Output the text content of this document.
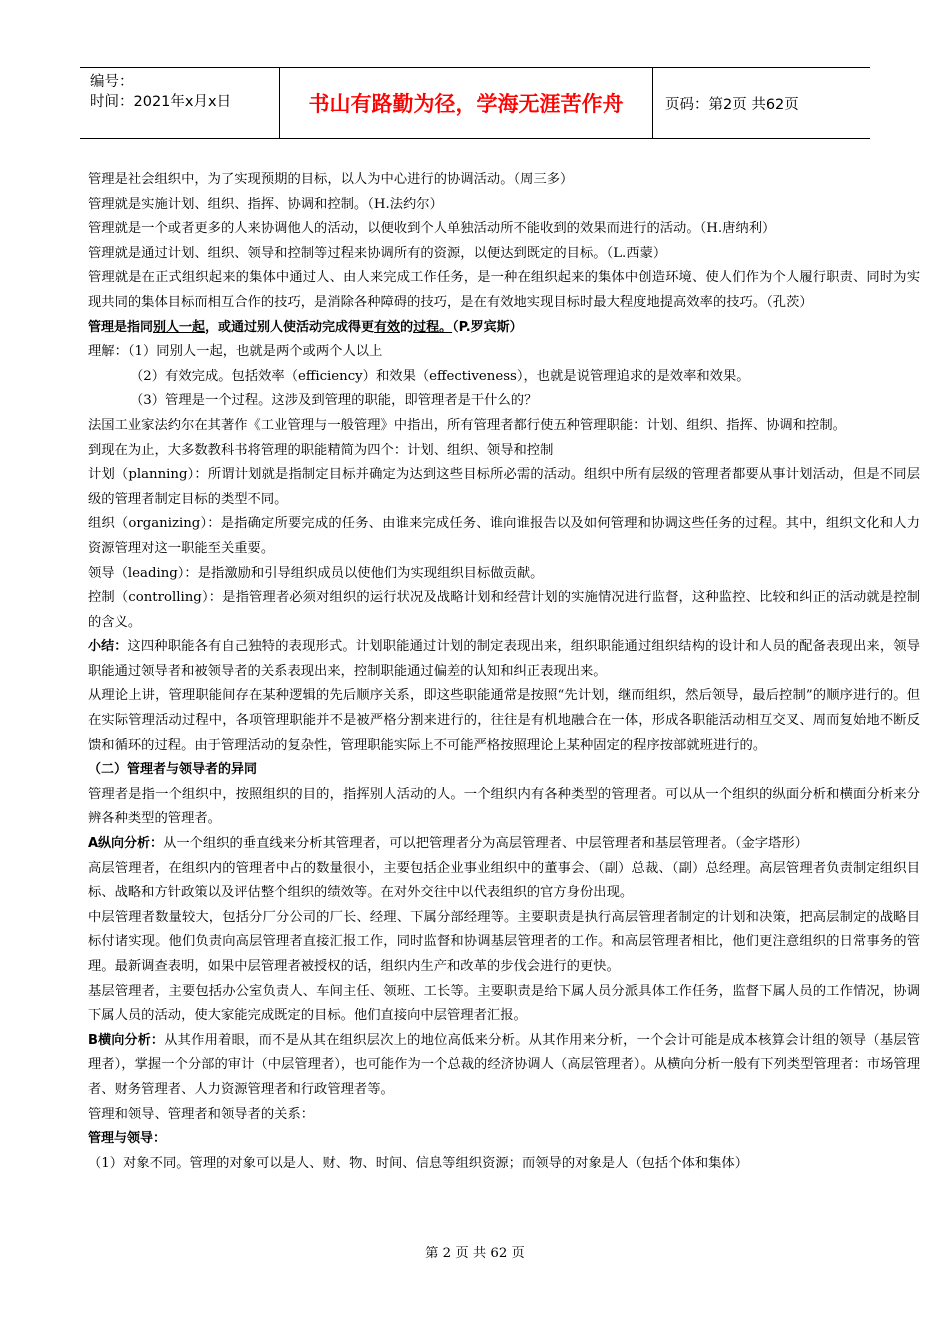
编号：
时间：2021年x月x日	书山有路勤为径，学海无涯苦作舟	页码：第2页 共62页

管理是社会组织中，为了实现预期的目标，以人为中心进行的协调活动。（周三多）

管理就是实施计划、组织、指挥、协调和控制。（H.法约尔）

管理就是一个或者更多的人来协调他人的活动，以便收到个人单独活动所不能收到的效果而进行的活动。（H.唐纳利）

管理就是通过计划、组织、领导和控制等过程来协调所有的资源，以便达到既定的目标。（L.西蒙）

管理就是在正式组织起来的集体中通过人、由人来完成工作任务，是一种在组织起来的集体中创造环境、使人们作为个人履行职责、同时为实现共同的集体目标而相互合作的技巧，是消除各种障碍的技巧，是在有效地实现目标时最大程度地提高效率的技巧。（孔茨）

管理是指同别人一起，或通过别人使活动完成得更有效的过程。（P.罗宾斯）

理解：（1）同别人一起，也就是两个或两个人以上

（2）有效完成。包括效率（efficiency）和效果（effectiveness），也就是说管理追求的是效率和效果。

（3）管理是一个过程。这涉及到管理的职能，即管理者是干什么的？

法国工业家法约尔在其著作《工业管理与一般管理》中指出，所有管理者都行使五种管理职能：计划、组织、指挥、协调和控制。

到现在为止，大多数教科书将管理的职能精简为四个：计划、组织、领导和控制

计划（planning）：所谓计划就是指制定目标并确定为达到这些目标所必需的活动。组织中所有层级的管理者都要从事计划活动，但是不同层级的管理者制定目标的类型不同。

组织（organizing）：是指确定所要完成的任务、由谁来完成任务、谁向谁报告以及如何管理和协调这些任务的过程。其中，组织文化和人力资源管理对这一职能至关重要。

领导（leading）：是指激励和引导组织成员以使他们为实现组织目标做贡献。

控制（controlling）：是指管理者必须对组织的运行状况及战略计划和经营计划的实施情况进行监督，这种监控、比较和纠正的活动就是控制的含义。

小结：这四种职能各有自己独特的表现形式。计划职能通过计划的制定表现出来，组织职能通过组织结构的设计和人员的配备表现出来，领导职能通过领导者和被领导者的关系表现出来，控制职能通过偏差的认知和纠正表现出来。

从理论上讲，管理职能间存在某种逻辑的先后顺序关系，即这些职能通常是按照“先计划，继而组织，然后领导，最后控制”的顺序进行的。但在实际管理活动过程中，各项管理职能并不是被严格分割来进行的，往往是有机地融合在一体，形成各职能活动相互交叉、周而复始地不断反馈和循环的过程。由于管理活动的复杂性，管理职能实际上不可能严格按照理论上某种固定的程序按部就班进行的。

（二）管理者与领导者的异同

管理者是指一个组织中，按照组织的目的，指挥别人活动的人。一个组织内有各种类型的管理者。可以从一个组织的纵面分析和横面分析来分辨各种类型的管理者。

A纵向分析：从一个组织的垂直线来分析其管理者，可以把管理者分为高层管理者、中层管理者和基层管理者。（金字塔形）

高层管理者，在组织内的管理者中占的数量很小，主要包括企业事业组织中的董事会、（副）总裁、（副）总经理。高层管理者负责制定组织目标、战略和方针政策以及评估整个组织的绩效等。在对外交往中以代表组织的官方身份出现。

中层管理者数量较大，包括分厂分公司的厂长、经理、下属分部经理等。主要职责是执行高层管理者制定的计划和决策，把高层制定的战略目标付诸实现。他们负责向高层管理者直接汇报工作，同时监督和协调基层管理者的工作。和高层管理者相比，他们更注意组织的日常事务的管理。最新调查表明，如果中层管理者被授权的话，组织内生产和改革的步伐会进行的更快。

基层管理者，主要包括办公室负责人、车间主任、领班、工长等。主要职责是给下属人员分派具体工作任务，监督下属人员的工作情况，协调下属人员的活动，使大家能完成既定的目标。他们直接向中层管理者汇报。

B横向分析：从其作用着眼，而不是从其在组织层次上的地位高低来分析。从其作用来分析，一个会计可能是成本核算会计组的领导（基层管理者），掌握一个分部的审计（中层管理者），也可能作为一个总裁的经济协调人（高层管理者）。从横向分析一般有下列类型管理者：市场管理者、财务管理者、人力资源管理者和行政管理者等。

管理和领导、管理者和领导者的关系：

管理与领导：

（1）对象不同。管理的对象可以是人、财、物、时间、信息等组织资源；而领导的对象是人（包括个体和集体）

第 2 页 共 62 页
